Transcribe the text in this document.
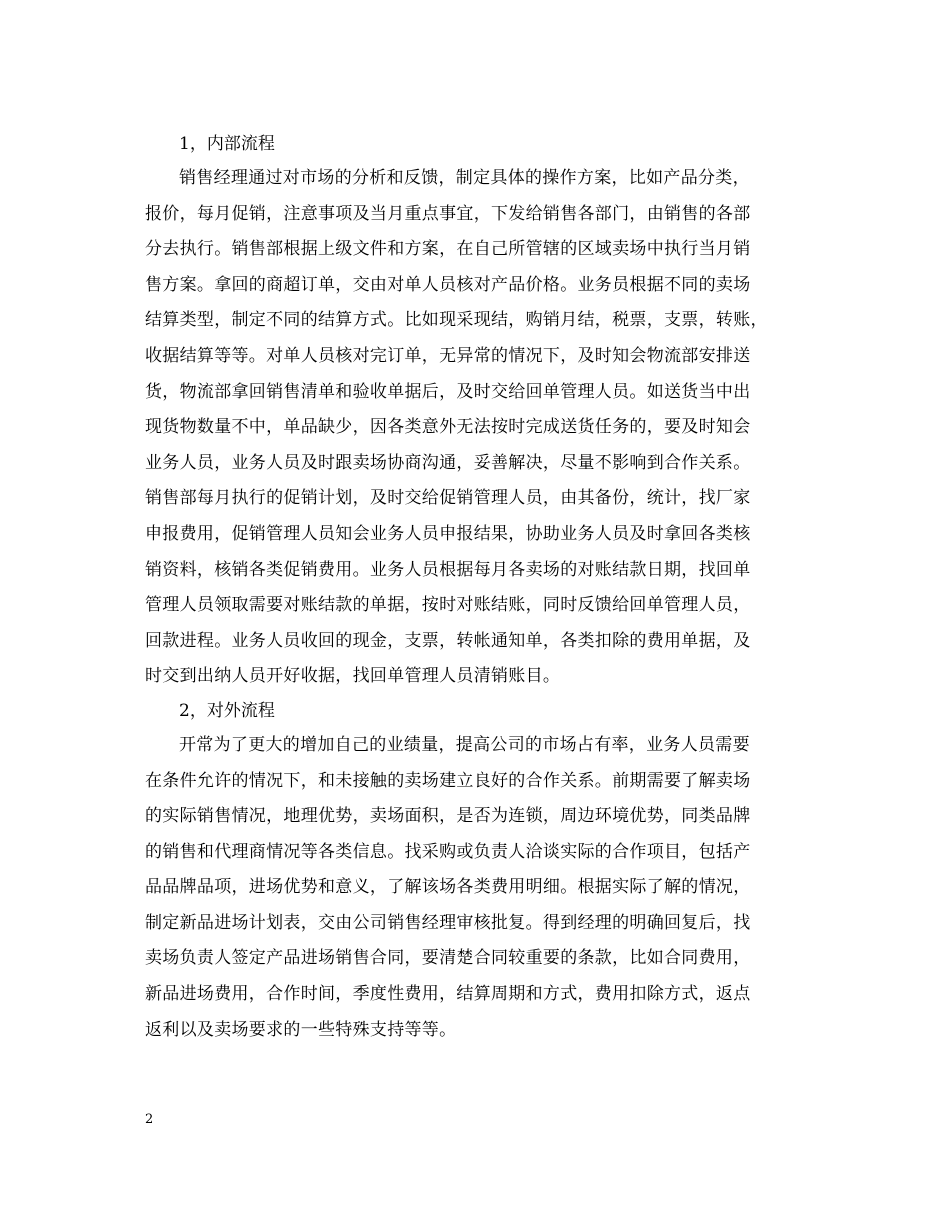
1，内部流程

销售经理通过对市场的分析和反馈，制定具体的操作方案，比如产品分类，

报价，每月促销，注意事项及当月重点事宜，下发给销售各部门，由销售的各部

分去执行。销售部根据上级文件和方案，在自己所管辖的区域卖场中执行当月销

售方案。拿回的商超订单，交由对单人员核对产品价格。业务员根据不同的卖场

结算类型，制定不同的结算方式。比如现采现结，购销月结，税票，支票，转账，

收据结算等等。对单人员核对完订单，无异常的情况下，及时知会物流部安排送

货，物流部拿回销售清单和验收单据后，及时交给回单管理人员。如送货当中出

现货物数量不中，单品缺少，因各类意外无法按时完成送货任务的，要及时知会

业务人员，业务人员及时跟卖场协商沟通，妥善解决，尽量不影响到合作关系。

销售部每月执行的促销计划，及时交给促销管理人员，由其备份，统计，找厂家

申报费用，促销管理人员知会业务人员申报结果，协助业务人员及时拿回各类核

销资料，核销各类促销费用。业务人员根据每月各卖场的对账结款日期，找回单

管理人员领取需要对账结款的单据，按时对账结账，同时反馈给回单管理人员，

回款进程。业务人员收回的现金，支票，转帐通知单，各类扣除的费用单据，及

时交到出纳人员开好收据，找回单管理人员清销账目。

2，对外流程

开常为了更大的增加自己的业绩量，提高公司的市场占有率，业务人员需要

在条件允许的情况下，和未接触的卖场建立良好的合作关系。前期需要了解卖场

的实际销售情况，地理优势，卖场面积，是否为连锁，周边环境优势，同类品牌

的销售和代理商情况等各类信息。找采购或负责人洽谈实际的合作项目，包括产

品品牌品项，进场优势和意义，了解该场各类费用明细。根据实际了解的情况，

制定新品进场计划表，交由公司销售经理审核批复。得到经理的明确回复后，找

卖场负责人签定产品进场销售合同，要清楚合同较重要的条款，比如合同费用，

新品进场费用，合作时间，季度性费用，结算周期和方式，费用扣除方式，返点

返利以及卖场要求的一些特殊支持等等。

2
